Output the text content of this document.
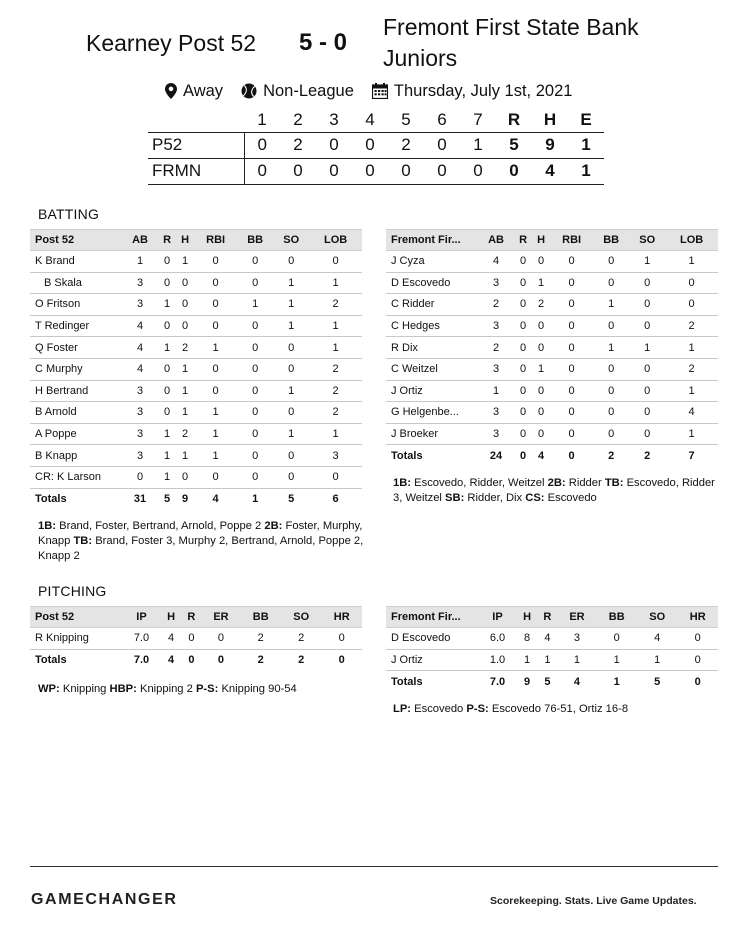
Kearney Post 52 5 - 0
Fremont First State Bank Juniors
Away Non-League Thursday, July 1st, 2021
	1	2	3	4	5	6	7	R	H	E
P52	0	2	0	0	2	0	1	5	9	1
FRMN	0	0	0	0	0	0	0	0	4	1
BATTING
Post 52	AB	R	H	RBI	BB	SO	LOB
K Brand	1	0	1	0	0	0	0
B Skala	3	0	0	0	0	1	1
O Fritson	3	1	0	0	1	1	2
T Redinger	4	0	0	0	0	1	1
Q Foster	4	1	2	1	0	0	1
C Murphy	4	0	1	0	0	0	2
H Bertrand	3	0	1	0	0	1	2
B Arnold	3	0	1	1	0	0	2
A Poppe	3	1	2	1	0	1	1
B Knapp	3	1	1	1	0	0	3
CR: K Larson	0	1	0	0	0	0	0
Totals	31	5	9	4	1	5	6
Fremont Fir...	AB	R	H	RBI	BB	SO	LOB
J Cyza	4	0	0	0	0	1	1
D Escovedo	3	0	1	0	0	0	0
C Ridder	2	0	2	0	1	0	0
C Hedges	3	0	0	0	0	0	2
R Dix	2	0	0	0	1	1	1
C Weitzel	3	0	1	0	0	0	2
J Ortiz	1	0	0	0	0	0	1
G Helgenbe...	3	0	0	0	0	0	4
J Broeker	3	0	0	0	0	0	1
Totals	24	0	4	0	2	2	7
1B: Brand, Foster, Bertrand, Arnold, Poppe 2 2B: Foster, Murphy, Knapp TB: Brand, Foster 3, Murphy 2, Bertrand, Arnold, Poppe 2, Knapp 2
1B: Escovedo, Ridder, Weitzel 2B: Ridder TB: Escovedo, Ridder 3, Weitzel SB: Ridder, Dix CS: Escovedo
PITCHING
Post 52	IP	H	R	ER	BB	SO	HR
R Knipping	7.0	4	0	0	2	2	0
Totals	7.0	4	0	0	2	2	0
Fremont Fir...	IP	H	R	ER	BB	SO	HR
D Escovedo	6.0	8	4	3	0	4	0
J Ortiz	1.0	1	1	1	1	1	0
Totals	7.0	9	5	4	1	5	0
WP: Knipping HBP: Knipping 2 P-S: Knipping 90-54
LP: Escovedo P-S: Escovedo 76-51, Ortiz 16-8
GAMECHANGER	Scorekeeping. Stats. Live Game Updates.
